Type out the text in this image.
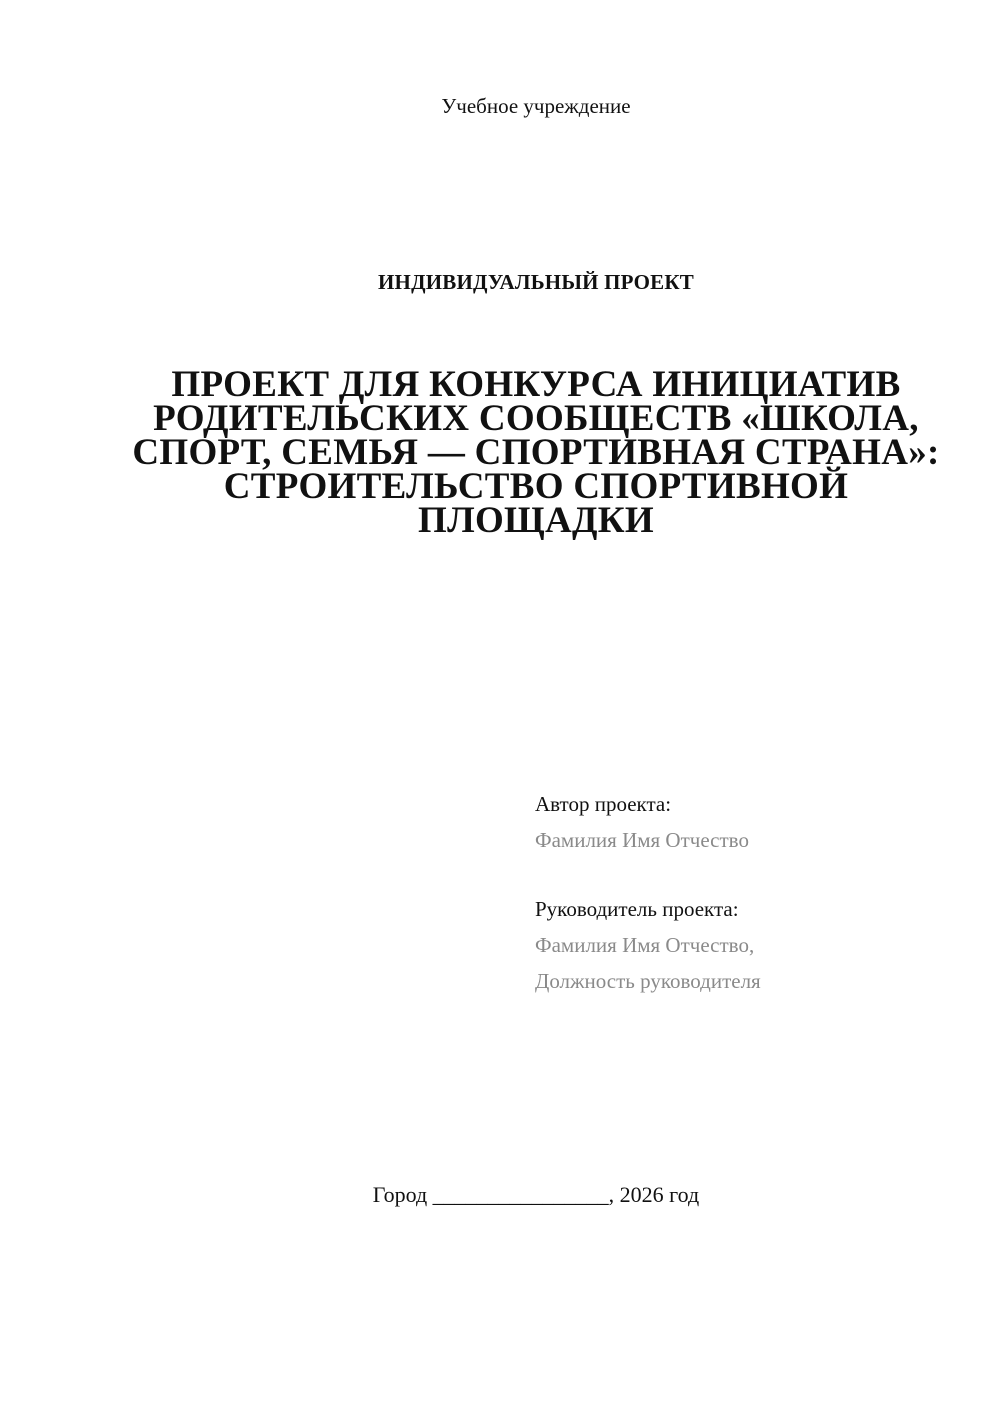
Учебное учреждение
ИНДИВИДУАЛЬНЫЙ ПРОЕКТ
ПРОЕКТ ДЛЯ КОНКУРСА ИНИЦИАТИВ РОДИТЕЛЬСКИХ СООБЩЕСТВ «ШКОЛА, СПОРТ, СЕМЬЯ — СПОРТИВНАЯ СТРАНА»: СТРОИТЕЛЬСТВО СПОРТИВНОЙ ПЛОЩАДКИ
Автор проекта:
Фамилия Имя Отчество
Руководитель проекта:
Фамилия Имя Отчество,
Должность руководителя
Город ________________, 2026 год
